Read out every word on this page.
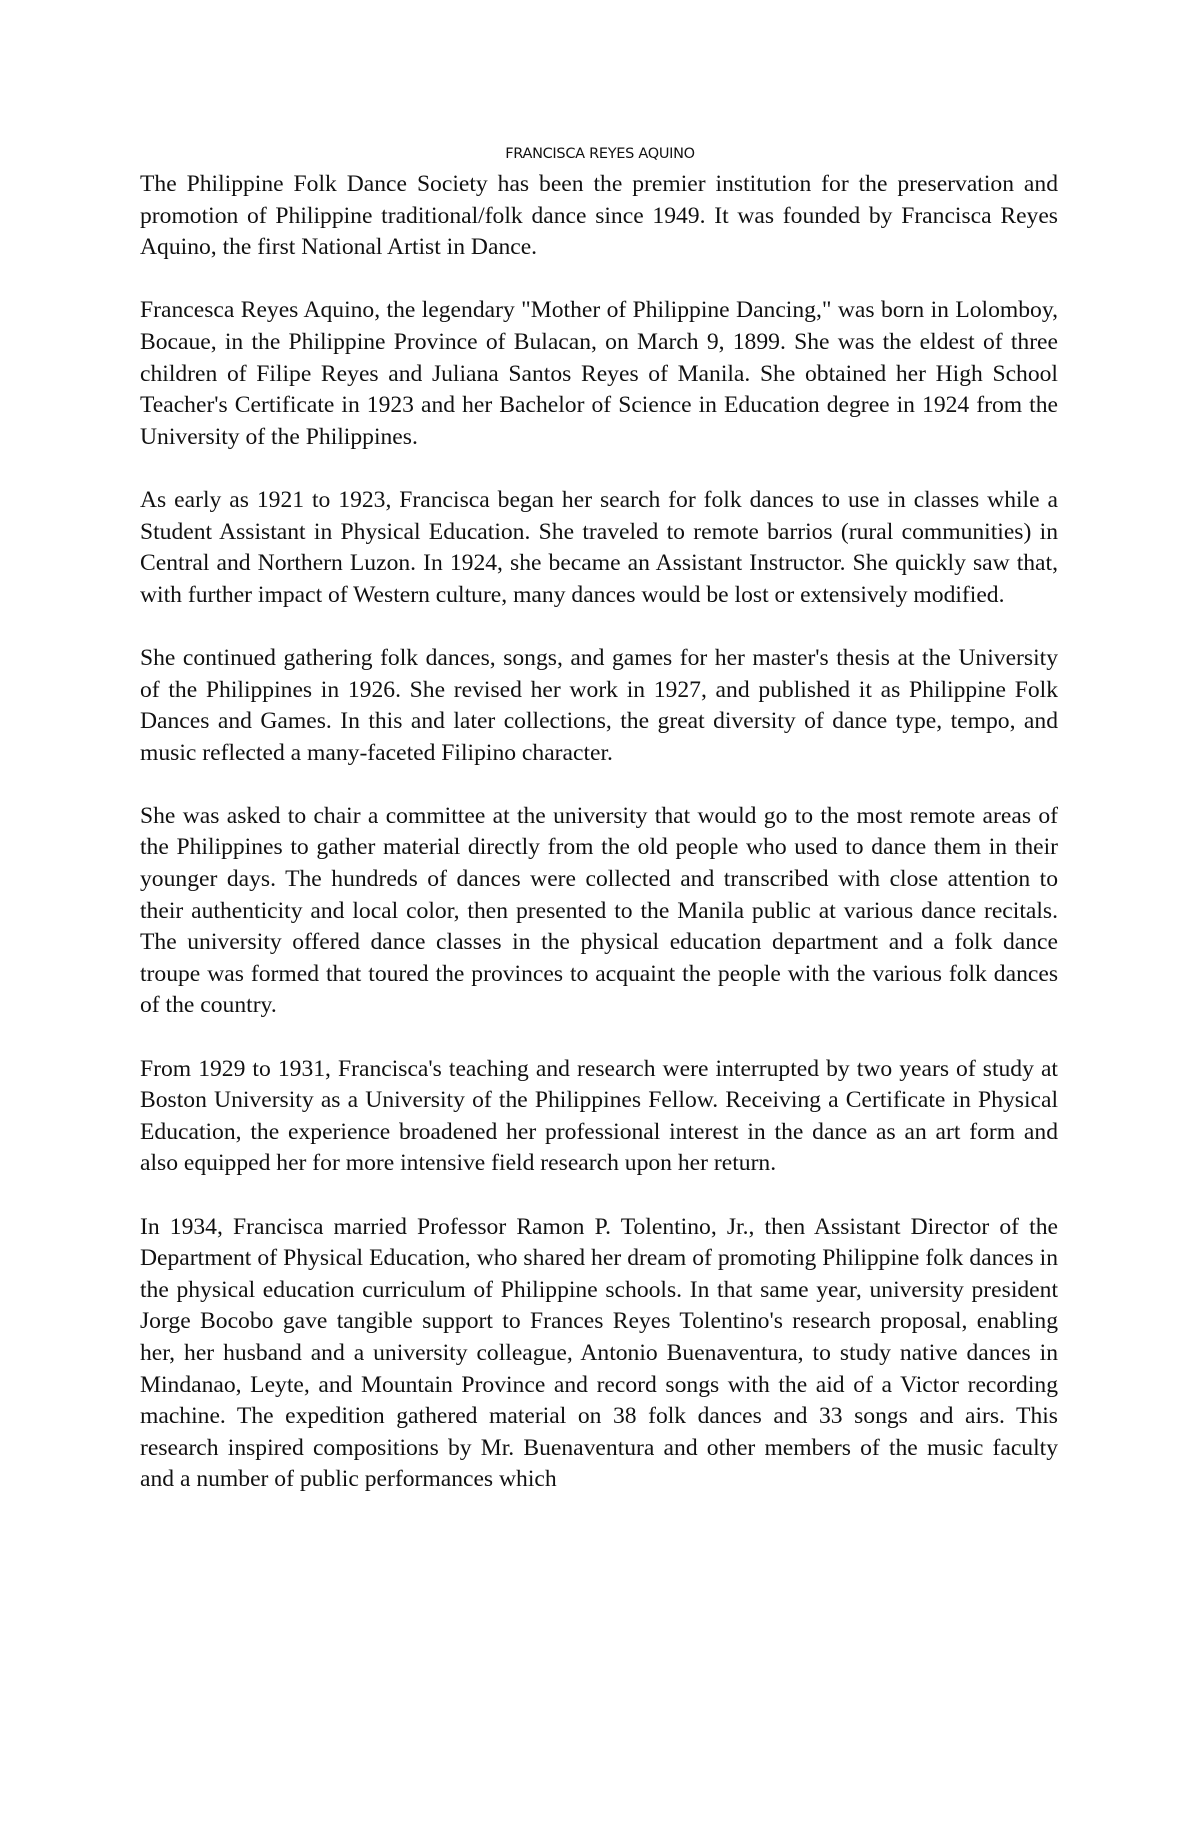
FRANCISCA REYES AQUINO

The Philippine Folk Dance Society has been the premier institution for the preservation and promotion of Philippine traditional/folk dance since 1949. It was founded by Francisca Reyes Aquino, the first National Artist in Dance.

Francesca Reyes Aquino, the legendary "Mother of Philippine Dancing," was born in Lolomboy, Bocaue, in the Philippine Province of Bulacan, on March 9, 1899. She was the eldest of three children of Filipe Reyes and Juliana Santos Reyes of Manila. She obtained her High School Teacher's Certificate in 1923 and her Bachelor of Science in Education degree in 1924 from the University of the Philippines.

As early as 1921 to 1923, Francisca began her search for folk dances to use in classes while a Student Assistant in Physical Education. She traveled to remote barrios (rural communities) in Central and Northern Luzon. In 1924, she became an Assistant Instructor. She quickly saw that, with further impact of Western culture, many dances would be lost or extensively modified.

She continued gathering folk dances, songs, and games for her master's thesis at the University of the Philippines in 1926. She revised her work in 1927, and published it as Philippine Folk Dances and Games. In this and later collections, the great diversity of dance type, tempo, and music reflected a many-faceted Filipino character.

She was asked to chair a committee at the university that would go to the most remote areas of the Philippines to gather material directly from the old people who used to dance them in their younger days. The hundreds of dances were collected and transcribed with close attention to their authenticity and local color, then presented to the Manila public at various dance recitals. The university offered dance classes in the physical education department and a folk dance troupe was formed that toured the provinces to acquaint the people with the various folk dances of the country.

From 1929 to 1931, Francisca's teaching and research were interrupted by two years of study at Boston University as a University of the Philippines Fellow. Receiving a Certificate in Physical Education, the experience broadened her professional interest in the dance as an art form and also equipped her for more intensive field research upon her return.

In 1934, Francisca married Professor Ramon P. Tolentino, Jr., then Assistant Director of the Department of Physical Education, who shared her dream of promoting Philippine folk dances in the physical education curriculum of Philippine schools. In that same year, university president Jorge Bocobo gave tangible support to Frances Reyes Tolentino's research proposal, enabling her, her husband and a university colleague, Antonio Buenaventura, to study native dances in Mindanao, Leyte, and Mountain Province and record songs with the aid of a Victor recording machine. The expedition gathered material on 38 folk dances and 33 songs and airs. This research inspired compositions by Mr. Buenaventura and other members of the music faculty and a number of public performances which
